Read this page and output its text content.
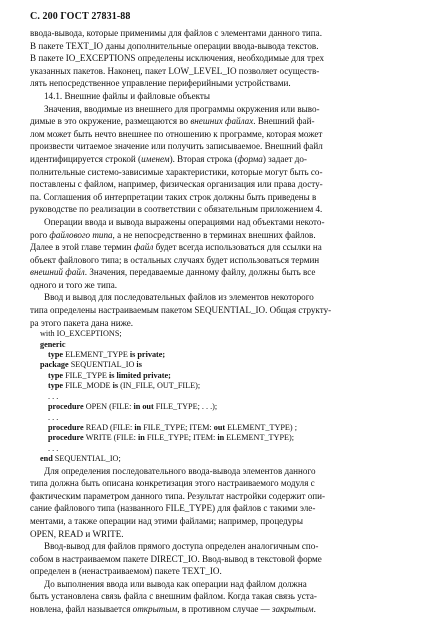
С. 200 ГОСТ 27831-88

ввода-вывода, которые применимы для файлов с элементами данного типа.

В пакете TEXT_IO даны дополнительные операции ввода-вывода текстов.

В пакете IO_EXCEPTIONS определены исключения, необходимые для трех

указанных пакетов. Наконец, пакет LOW_LEVEL_IO позволяет осуществ-

лять непосредственное управление периферийными устройствами.

14.1. Внешние файлы и файловые объекты

Значения, вводимые из внешнего для программы окружения или выво-

димые в это окружение, размещаются во внешних файлах. Внешний фай-

лом может быть нечто внешнее по отношению к программе, которая может

произвести читаемое значение или получить записываемое. Внешний файл

идентифицируется строкой (именем). Вторая строка (форма) задает до-

полнительные системо-зависимые характеристики, которые могут быть со-

поставлены с файлом, например, физическая организация или права досту-

па. Соглашения об интерпретации таких строк должны быть приведены в

руководстве по реализации в соответствии с обязательным приложением 4.

Операции ввода и вывода выражены операциями над объектами некото-

рого файлового типа, а не непосредственно в терминах внешних файлов.

Далее в этой главе термин файл будет всегда использоваться для ссылки на

объект файлового типа; в остальных случаях будет использоваться термин

внешний файл. Значения, передаваемые данному файлу, должны быть все

одного и того же типа.

Ввод и вывод для последовательных файлов из элементов некоторого

типа определены настраиваемым пакетом SEQUENTIAL_IO. Общая структу-

ра этого пакета дана ниже.

with IO_EXCEPTIONS;

generic

type ELEMENT_TYPE is private;

package SEQUENTIAL_IO is

type FILE_TYPE is limited private;

type FILE_MODE is (IN_FILE, OUT_FILE);

. . .

procedure OPEN (FILE: in out FILE_TYPE; . . .);

. . .

procedure READ (FILE: in FILE_TYPE; ITEM: out ELEMENT_TYPE) ;

procedure WRITE (FILE: in FILE_TYPE; ITEM: in ELEMENT_TYPE);

. . .

end SEQUENTIAL_IO;

Для определения последовательного ввода-вывода элементов данного

типа должна быть описана конкретизация этого настраиваемого модуля с

фактическим параметром данного типа. Результат настройки содержит опи-

сание файлового типа (названного FILE_TYPE) для файлов с такими эле-

ментами, а также операции над этими файлами; например, процедуры

OPEN, READ и WRITE.

Ввод-вывод для файлов прямого доступа определен аналогичным спо-

собом в настраиваемом пакете DIRECT_IO. Ввод-вывод в текстовой форме

определен в (ненастраиваемом) пакете TEXT_IO.

До выполнения ввода или вывода как операции над файлом должна

быть установлена связь файла с внешним файлом. Когда такая связь уста-

новлена, файл называется открытым, в противном случае — закрытым.
